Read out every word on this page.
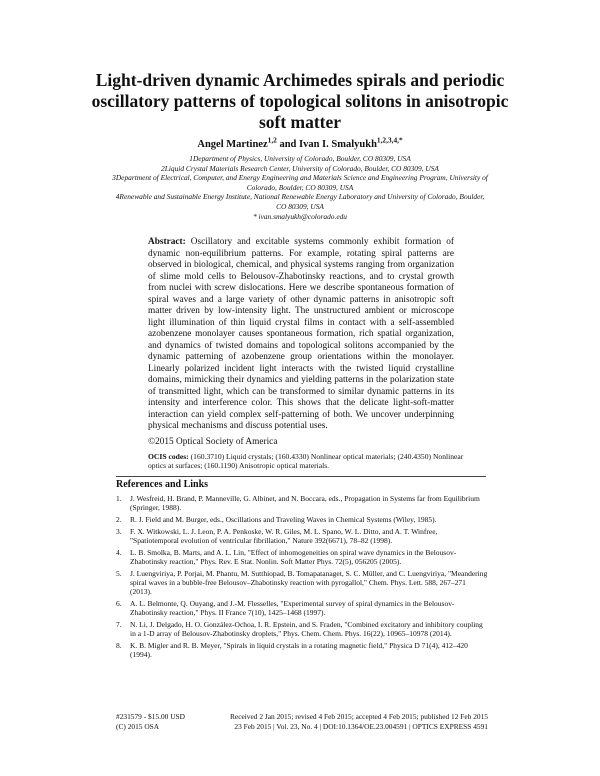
Light-driven dynamic Archimedes spirals and periodic oscillatory patterns of topological solitons in anisotropic soft matter
Angel Martinez$^{1,2}$ and Ivan I. Smalyukh$^{1,2,3,4,*}$
1Department of Physics, University of Colorado, Boulder, CO 80309, USA
2Liquid Crystal Materials Research Center, University of Colorado, Boulder, CO 80309, USA
3Department of Electrical, Computer, and Energy Engineering and Materials Science and Engineering Program, University of Colorado, Boulder, CO 80309, USA
4Renewable and Sustainable Energy Institute, National Renewable Energy Laboratory and University of Colorado, Boulder, CO 80309, USA
* ivan.smalyukh@colorado.edu
Abstract: Oscillatory and excitable systems commonly exhibit formation of dynamic non-equilibrium patterns. For example, rotating spiral patterns are observed in biological, chemical, and physical systems ranging from organization of slime mold cells to Belousov-Zhabotinsky reactions, and to crystal growth from nuclei with screw dislocations. Here we describe spontaneous formation of spiral waves and a large variety of other dynamic patterns in anisotropic soft matter driven by low-intensity light. The unstructured ambient or microscope light illumination of thin liquid crystal films in contact with a self-assembled azobenzene monolayer causes spontaneous formation, rich spatial organization, and dynamics of twisted domains and topological solitons accompanied by the dynamic patterning of azobenzene group orientations within the monolayer. Linearly polarized incident light interacts with the twisted liquid crystalline domains, mimicking their dynamics and yielding patterns in the polarization state of transmitted light, which can be transformed to similar dynamic patterns in its intensity and interference color. This shows that the delicate light-soft-matter interaction can yield complex self-patterning of both. We uncover underpinning physical mechanisms and discuss potential uses.
©2015 Optical Society of America
OCIS codes: (160.3710) Liquid crystals; (160.4330) Nonlinear optical materials; (240.4350) Nonlinear optics at surfaces; (160.1190) Anisotropic optical materials.
References and Links
1. J. Wesfreid, H. Brand, P. Manneville, G. Albinet, and N. Boccara, eds., Propagation in Systems far from Equilibrium (Springer, 1988).
2. R. J. Field and M. Burger, eds., Oscillations and Traveling Waves in Chemical Systems (Wiley, 1985).
3. F. X. Witkowski, L. J. Leon, P. A. Penkoske, W. R. Giles, M. L. Spano, W. L. Ditto, and A. T. Winfree, "Spatiotemporal evolution of ventricular fibrillation," Nature 392(6671), 78–82 (1998).
4. L. B. Smolka, B. Marts, and A. L. Lin, "Effect of inhomogeneities on spiral wave dynamics in the Belousov-Zhabotinsky reaction," Phys. Rev. E Stat. Nonlin. Soft Matter Phys. 72(5), 056205 (2005).
5. J. Luengviriya, P. Porjai, M. Phantu, M. Sutthiopad, B. Tomapatanaget, S. C. Müller, and C. Luengviriya, "Meandering spiral waves in a bubble-free Belousov–Zhabotinsky reaction with pyrogallol," Chem. Phys. Lett. 588, 267–271 (2013).
6. A. L. Belmonte, Q. Ouyang, and J.-M. Flesselles, "Experimental survey of spiral dynamics in the Belousov-Zhabotinsky reaction," Phys. II France 7(10), 1425–1468 (1997).
7. N. Li, J. Delgado, H. O. González-Ochoa, I. R. Epstein, and S. Fraden, "Combined excitatory and inhibitory coupling in a 1-D array of Belousov-Zhabotinsky droplets," Phys. Chem. Chem. Phys. 16(22), 10965–10978 (2014).
8. K. B. Migler and R. B. Meyer, "Spirals in liquid crystals in a rotating magnetic field," Physica D 71(4), 412–420 (1994).
#231579 - $15.00 USD
(C) 2015 OSA
Received 2 Jan 2015; revised 4 Feb 2015; accepted 4 Feb 2015; published 12 Feb 2015
23 Feb 2015 | Vol. 23, No. 4 | DOI:10.1364/OE.23.004591 | OPTICS EXPRESS 4591
